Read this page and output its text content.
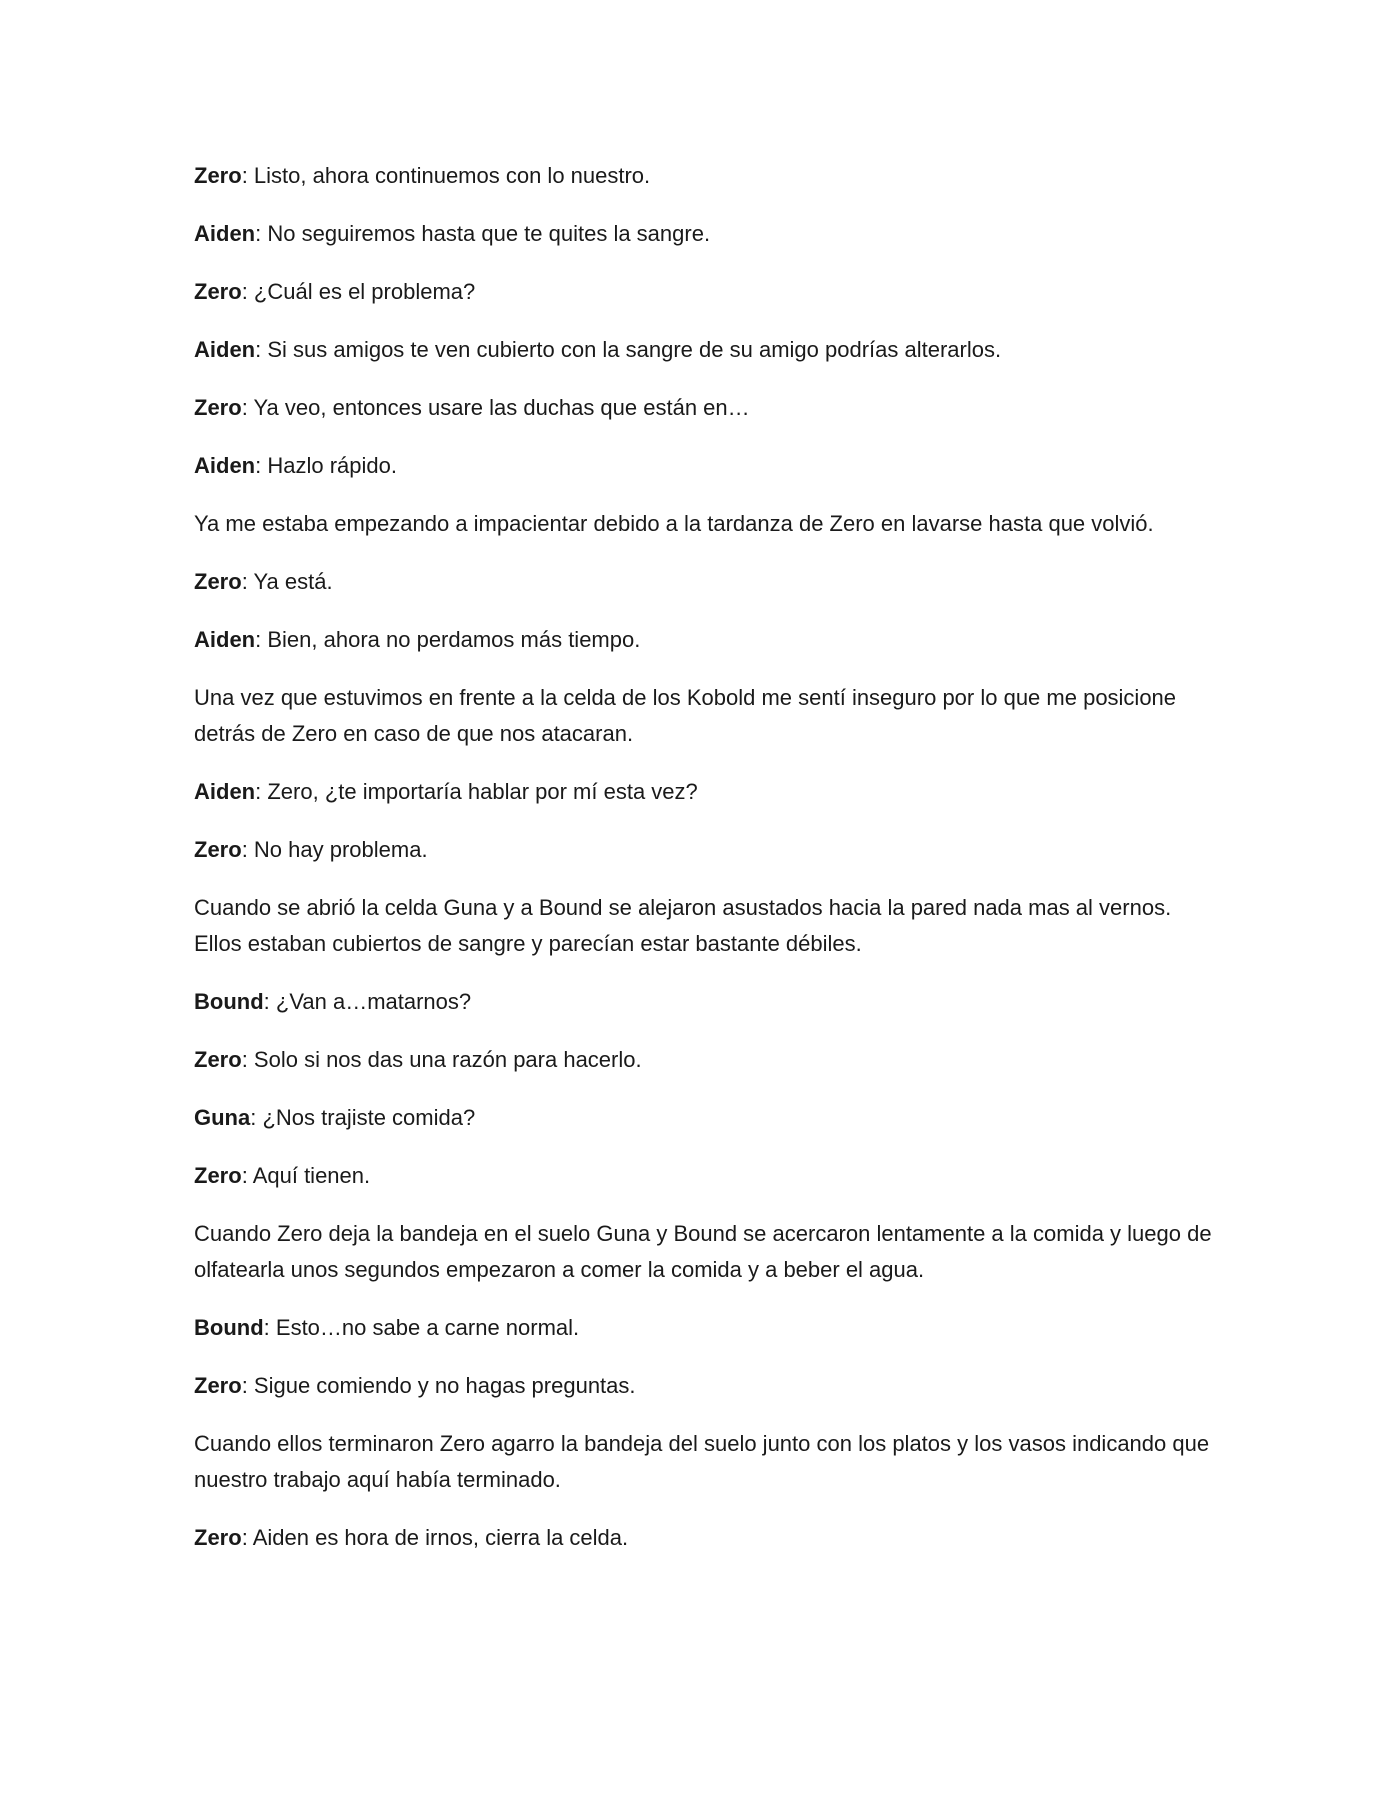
Zero: Listo, ahora continuemos con lo nuestro.

Aiden: No seguiremos hasta que te quites la sangre.

Zero: ¿Cuál es el problema?

Aiden: Si sus amigos te ven cubierto con la sangre de su amigo podrías alterarlos.

Zero: Ya veo, entonces usare las duchas que están en…

Aiden: Hazlo rápido.

Ya me estaba empezando a impacientar debido a la tardanza de Zero en lavarse hasta que volvió.

Zero: Ya está.

Aiden: Bien, ahora no perdamos más tiempo.

Una vez que estuvimos en frente a la celda de los Kobold me sentí inseguro por lo que me posicione detrás de Zero en caso de que nos atacaran.

Aiden: Zero, ¿te importaría hablar por mí esta vez?

Zero: No hay problema.

Cuando se abrió la celda Guna y a Bound se alejaron asustados hacia la pared nada mas al vernos. Ellos estaban cubiertos de sangre y parecían estar bastante débiles.

Bound: ¿Van a…matarnos?

Zero: Solo si nos das una razón para hacerlo.

Guna: ¿Nos trajiste comida?

Zero: Aquí tienen.

Cuando Zero deja la bandeja en el suelo Guna y Bound se acercaron lentamente a la comida y luego de olfatearla unos segundos empezaron a comer la comida y a beber el agua.

Bound: Esto…no sabe a carne normal.

Zero: Sigue comiendo y no hagas preguntas.

Cuando ellos terminaron Zero agarro la bandeja del suelo junto con los platos y los vasos indicando que nuestro trabajo aquí había terminado.

Zero: Aiden es hora de irnos, cierra la celda.
